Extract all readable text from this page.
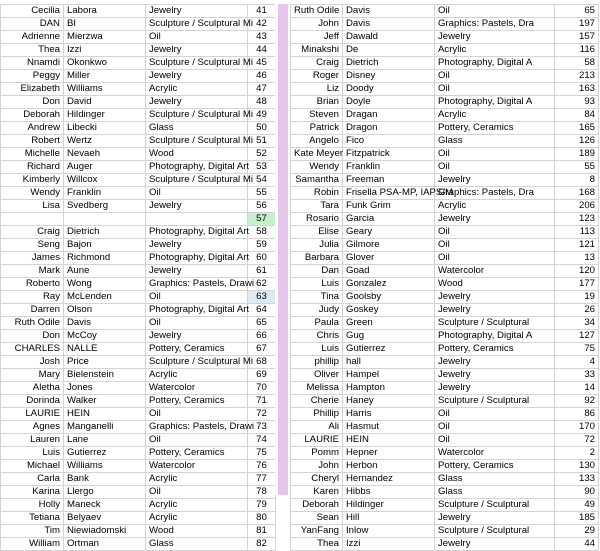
Cecilia	Labora	Jewelry	41
DAN	BI	Sculpture / Sculptural Mi	42
Adrienne	Mierzwa	Oil	43
Thea	Izzi	Jewelry	44
Nnamdi	Okonkwo	Sculpture / Sculptural Mi	45
Peggy	Miller	Jewelry	46
Elizabeth	Williams	Acrylic	47
Don	David	Jewelry	48
Deborah	Hildinger	Sculpture / Sculptural Mi	49
Andrew	Libecki	Glass	50
Robert	Wertz	Sculpture / Sculptural Mi	51
Michelle	Nevaeh	Wood	52
Richard	Auger	Photography, Digital Art	53
Kimberly	Willcox	Sculpture / Sculptural Mi	54
Wendy	Franklin	Oil	55
Lisa	Svedberg	Jewelry	56
			57
Craig	Dietrich	Photography, Digital Art	58
Seng	Bajon	Jewelry	59
James	Richmond	Photography, Digital Art	60
Mark	Aune	Jewelry	61
Roberto	Wong	Graphics: Pastels, Drawi	62
Ray	McLenden	Oil	63
Darren	Olson	Photography, Digital Art	64
Ruth Odile	Davis	Oil	65
Don	McCoy	Jewelry	66
CHARLES	NALLE	Pottery, Ceramics	67
Josh	Price	Sculpture / Sculptural Mi	68
Mary	Bielenstein	Acrylic	69
Aletha	Jones	Watercolor	70
Dorinda	Walker	Pottery, Ceramics	71
LAURIE	HEIN	Oil	72
Agnes	Manganelli	Graphics: Pastels, Drawi	73
Lauren	Lane	Oil	74
Luis	Gutierrez	Pottery, Ceramics	75
Michael	Williams	Watercolor	76
Carla	Bank	Acrylic	77
Karina	Llergo	Oil	78
Holly	Maneck	Acrylic	79
Tetiana	Belyaev	Acrylic	80
Tim	Niewiadomski	Wood	81
William	Ortman	Glass	82
Ruth Odile	Davis	Oil	65
John	Davis	Graphics: Pastels, Dra	197
Jeff	Dawald	Jewelry	157
Minakshi	De	Acrylic	116
Craig	Dietrich	Photography, Digital A	58
Roger	Disney	Oil	213
Liz	Doody	Oil	163
Brian	Doyle	Photography, Digital A	93
Steven	Dragan	Acrylic	84
Patrick	Dragon	Pottery, Ceramics	165
Angelo	Fico	Glass	126
Kate Meyer	Fitzpatrick	Oil	189
Wendy	Franklin	Oil	55
Samantha	Freeman	Jewelry	8
Robin	Frisella PSA-MP, IAPS/M	Graphics: Pastels, Dra	168
Tara	Funk Grim	Acrylic	206
Rosario	Garcia	Jewelry	123
Elise	Geary	Oil	113
Julia	Gilmore	Oil	121
Barbara	Glover	Oil	13
Dan	Goad	Watercolor	120
Luis	Gonzalez	Wood	177
Tina	Goolsby	Jewelry	19
Judy	Goskey	Jewelry	26
Paula	Green	Sculpture / Sculptural	34
Chris	Gug	Photography, Digital A	127
Luis	Gutierrez	Pottery, Ceramics	75
phillip	hall	Jewelry	4
Oliver	Hampel	Jewelry	33
Melissa	Hampton	Jewelry	14
Cherie	Haney	Sculpture / Sculptural	92
Phillip	Harris	Oil	86
Ali	Hasmut	Oil	170
LAURIE	HEIN	Oil	72
Pomm	Hepner	Watercolor	2
John	Herbon	Pottery, Ceramics	130
Cheryl	Hernandez	Glass	133
Karen	Hibbs	Glass	90
Deborah	Hildinger	Sculpture / Sculptural	49
Sean	Hill	Jewelry	185
YanFang	Inlow	Sculpture / Sculptural	29
Thea	Izzi	Jewelry	44
